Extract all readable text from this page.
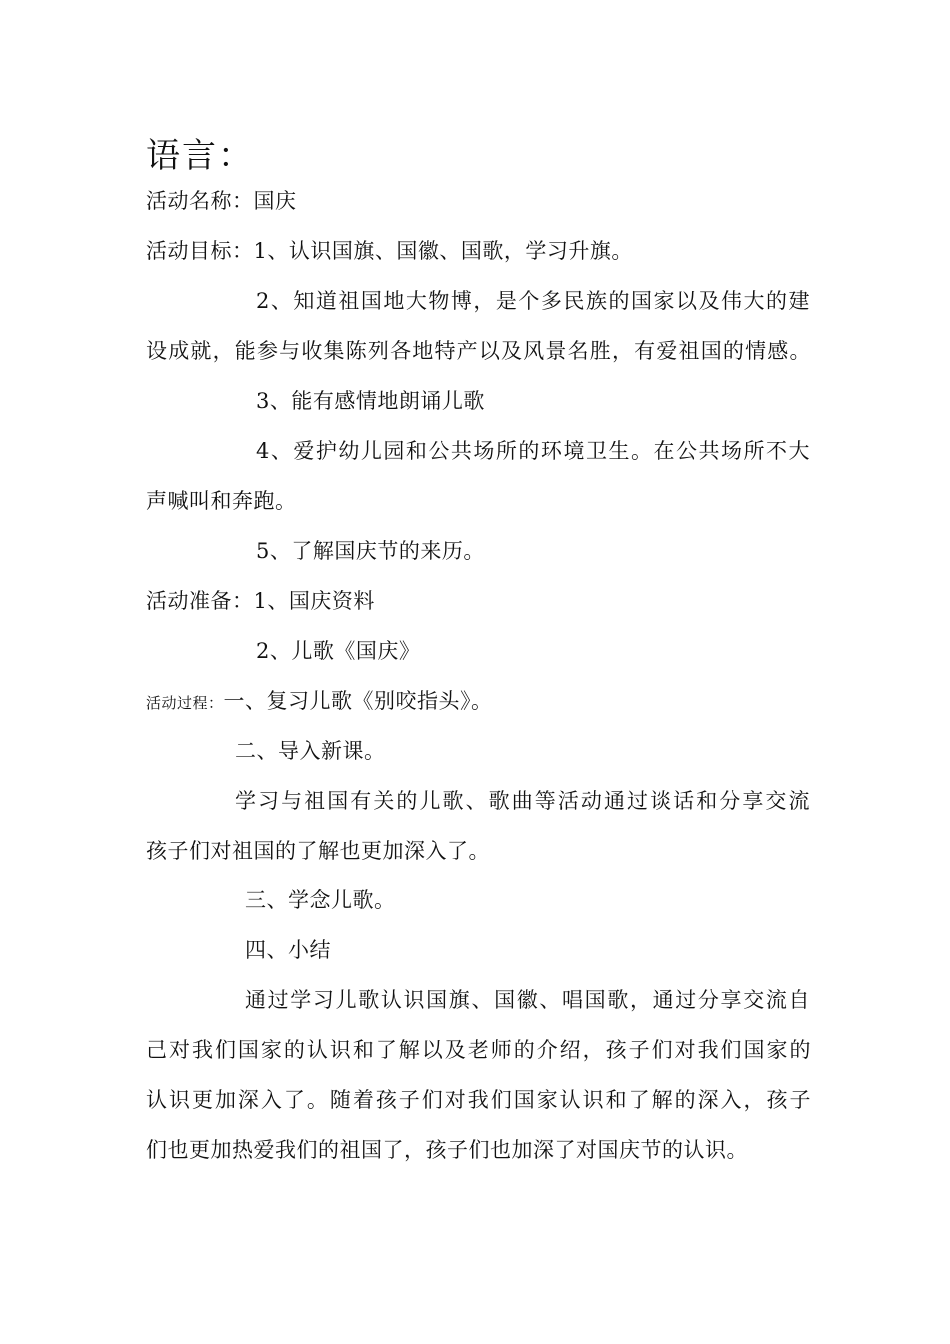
语言：
活动名称：国庆
活动目标：1、认识国旗、国徽、国歌，学习升旗。
2、知道祖国地大物博，是个多民族的国家以及伟大的建
设成就，能参与收集陈列各地特产以及风景名胜，有爱祖国的情感。
3、能有感情地朗诵儿歌
4、爱护幼儿园和公共场所的环境卫生。在公共场所不大
声喊叫和奔跑。
5、了解国庆节的来历。
活动准备：1、国庆资料
2、儿歌《国庆》
活动过程：一、复习儿歌《别咬指头》。
二、导入新课。
学习与祖国有关的儿歌、歌曲等活动通过谈话和分享交流
孩子们对祖国的了解也更加深入了。
三、学念儿歌。
四、小结
通过学习儿歌认识国旗、国徽、唱国歌，通过分享交流自
己对我们国家的认识和了解以及老师的介绍，孩子们对我们国家的
认识更加深入了。随着孩子们对我们国家认识和了解的深入，孩子
们也更加热爱我们的祖国了，孩子们也加深了对国庆节的认识。
